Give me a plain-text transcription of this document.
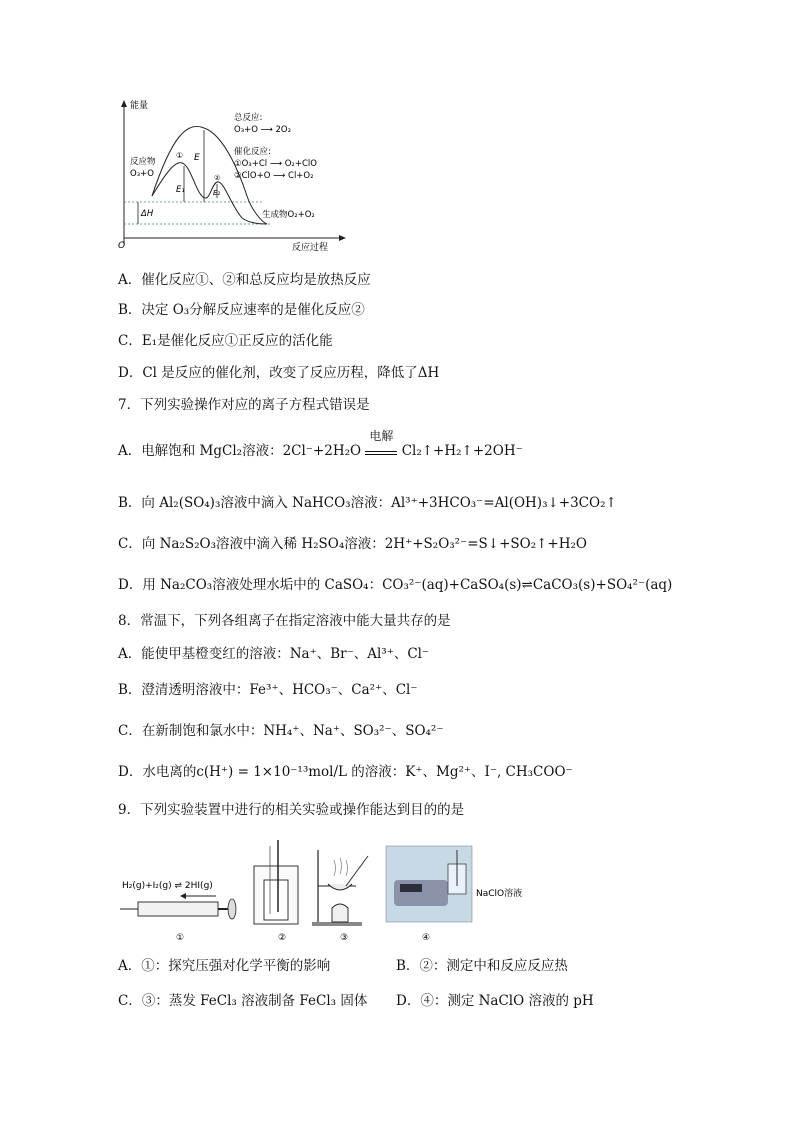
能量
反应过程
O
反应物
O₃+O
①
②
E
E₁	E₂
ΔH	生成物O₂+O₂
总反应:
O₃+O ⟶ 2O₂
催化反应:
①O₃+Cl ⟶ O₂+ClO
②ClO+O ⟶ Cl+O₂
A．催化反应①、②和总反应均是放热反应
B．决定 O₃分解反应速率的是催化反应②
C．E₁是催化反应①正反应的活化能
D．Cl 是反应的催化剂，改变了反应历程，降低了ΔH
7．下列实验操作对应的离子方程式错误是
A．电解饱和 MgCl₂溶液：2Cl⁻+2H₂O
电解
Cl₂↑+H₂↑+2OH⁻
B．向 Al₂(SO₄)₃溶液中滴入 NaHCO₃溶液：Al³⁺+3HCO₃⁻=Al(OH)₃↓+3CO₂↑
C．向 Na₂S₂O₃溶液中滴入稀 H₂SO₄溶液：2H⁺+S₂O₃²⁻=S↓+SO₂↑+H₂O
D．用 Na₂CO₃溶液处理水垢中的 CaSO₄：CO₃²⁻(aq)+CaSO₄(s)⇌CaCO₃(s)+SO₄²⁻(aq)
8．常温下，下列各组离子在指定溶液中能大量共存的是
A．能使甲基橙变红的溶液：Na⁺、Br⁻、Al³⁺、Cl⁻
B．澄清透明溶液中：Fe³⁺、HCO₃⁻、Ca²⁺、Cl⁻
C．在新制饱和氯水中：NH₄⁺、Na⁺、SO₃²⁻、SO₄²⁻
D．水电离的c(H⁺) = 1×10⁻¹³mol/L 的溶液：K⁺、Mg²⁺、I⁻, CH₃COO⁻
9．下列实验装置中进行的相关实验或操作能达到目的的是
H₂(g)+I₂(g) ⇌ 2HI(g)
①	②	③
NaClO溶液
④
A．①：探究压强对化学平衡的影响	B．②：测定中和反应反应热
C．③：蒸发 FeCl₃ 溶液制备 FeCl₃ 固体 D．④：测定 NaClO 溶液的 pH
